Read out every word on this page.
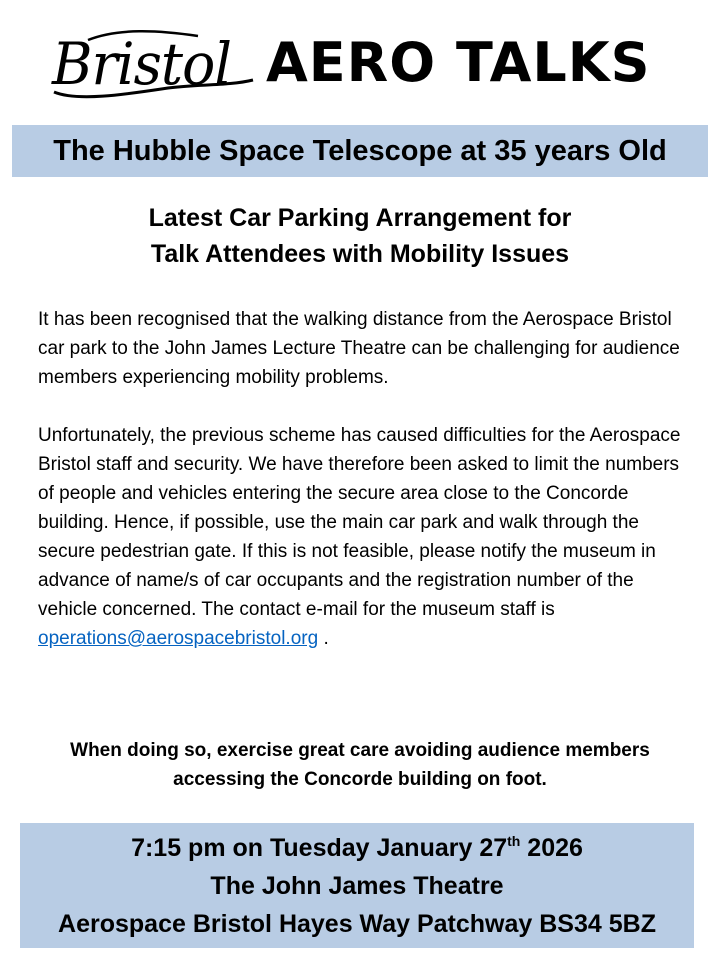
Bristol AERO TALKS
The Hubble Space Telescope at 35 years Old
Latest Car Parking Arrangement for
Talk Attendees with Mobility Issues

It has been recognised that the walking distance from the Aerospace Bristol car park to the John James Lecture Theatre can be challenging for audience members experiencing mobility problems.

Unfortunately, the previous scheme has caused difficulties for the Aerospace Bristol staff and security. We have therefore been asked to limit the numbers of people and vehicles entering the secure area close to the Concorde building. Hence, if possible, use the main car park and walk through the secure pedestrian gate. If this is not feasible, please notify the museum in advance of name/s of car occupants and the registration number of the vehicle concerned. The contact e-mail for the museum staff is operations@aerospacebristol.org .

When doing so, exercise great care avoiding audience members
accessing the Concorde building on foot.
7:15 pm on Tuesday January 27th 2026
The John James Theatre
Aerospace Bristol Hayes Way Patchway BS34 5BZ
